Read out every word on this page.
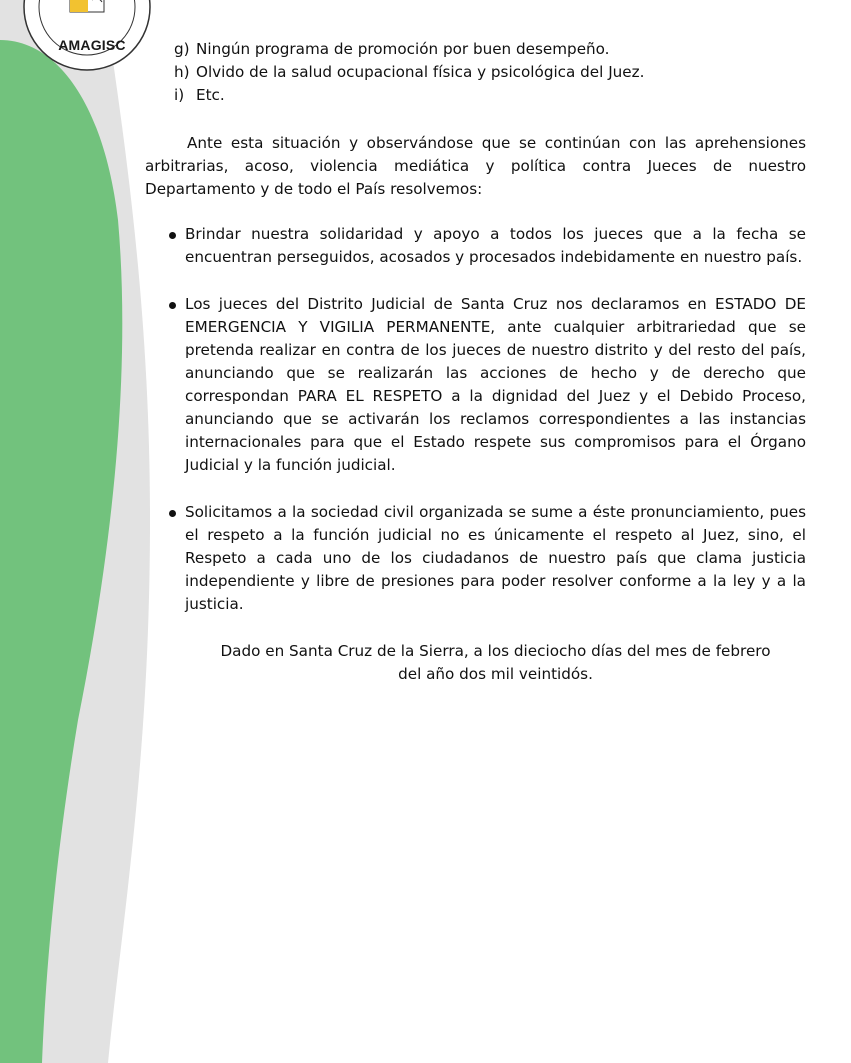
AMAGISC	g) Ningún programa de promoción por buen desempeño.

h) Olvido de la salud ocupacional física y psicológica del Juez.

i) Etc.

Ante esta situación y observándose que se continúan con las aprehensiones arbitrarias, acoso, violencia mediática y política contra Jueces de nuestro Departamento y de todo el País resolvemos:

Brindar nuestra solidaridad y apoyo a todos los jueces que a la fecha se encuentran perseguidos, acosados y procesados indebidamente en nuestro país.
Los jueces del Distrito Judicial de Santa Cruz nos declaramos en ESTADO DE EMERGENCIA Y VIGILIA PERMANENTE, ante cualquier arbitrariedad que se pretenda realizar en contra de los jueces de nuestro distrito y del resto del país, anunciando que se realizarán las acciones de hecho y de derecho que correspondan PARA EL RESPETO a la dignidad del Juez y el Debido Proceso, anunciando que se activarán los reclamos correspondientes a las instancias internacionales para que el Estado respete sus compromisos para el Órgano Judicial y la función judicial.
Solicitamos a la sociedad civil organizada se sume a éste pronunciamiento, pues el respeto a la función judicial no es únicamente el respeto al Juez, sino, el Respeto a cada uno de los ciudadanos de nuestro país que clama justicia independiente y libre de presiones para poder resolver conforme a la ley y a la justicia.
Dado en Santa Cruz de la Sierra, a los dieciocho días del mes de febrero
del año dos mil veintidós.
